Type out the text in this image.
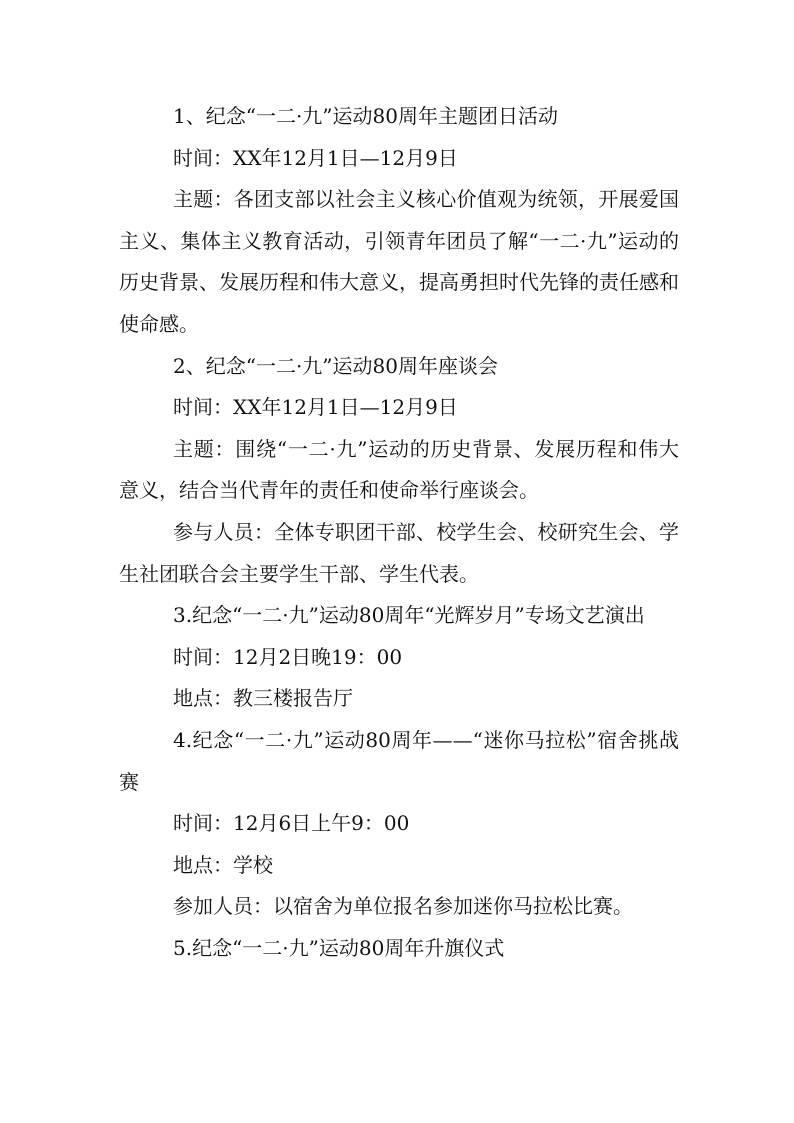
1、纪念“一二·九”运动80周年主题团日活动

时间：XX年12月1日—12月9日

主题：各团支部以社会主义核心价值观为统领，开展爱国主义、集体主义教育活动，引领青年团员了解“一二·九”运动的历史背景、发展历程和伟大意义，提高勇担时代先锋的责任感和使命感。

2、纪念“一二·九”运动80周年座谈会

时间：XX年12月1日—12月9日

主题：围绕“一二·九”运动的历史背景、发展历程和伟大意义，结合当代青年的责任和使命举行座谈会。

参与人员：全体专职团干部、校学生会、校研究生会、学生社团联合会主要学生干部、学生代表。

3.纪念“一二·九”运动80周年“光辉岁月”专场文艺演出

时间：12月2日晚19：00

地点：教三楼报告厅

4.纪念“一二·九”运动80周年——“迷你马拉松”宿舍挑战赛

时间：12月6日上午9：00

地点：学校

参加人员：以宿舍为单位报名参加迷你马拉松比赛。

5.纪念“一二·九”运动80周年升旗仪式
